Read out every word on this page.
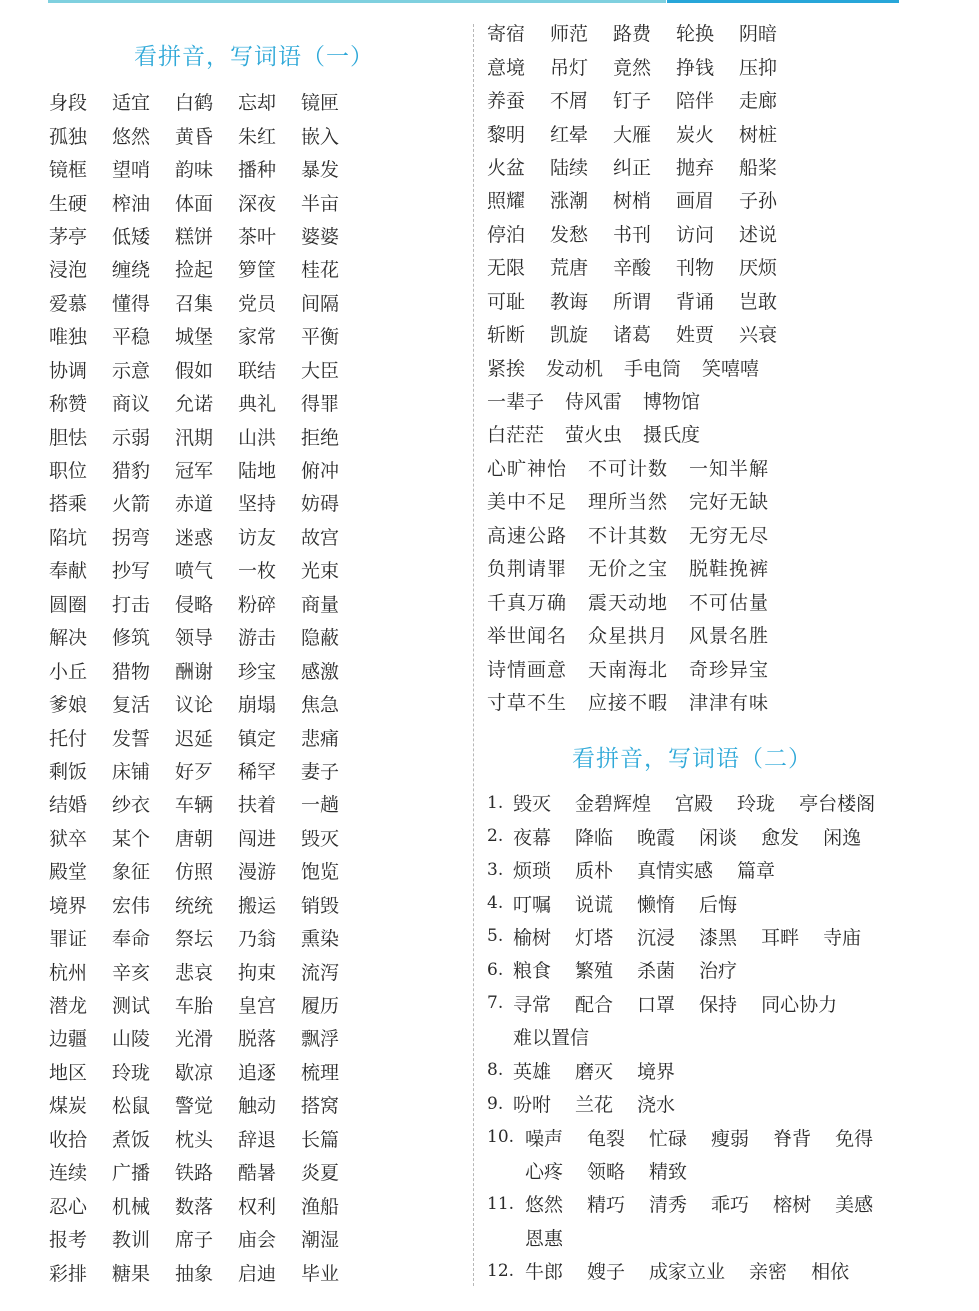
看拼音，写词语（一）
身段	适宜	白鹤	忘却	镜匣
孤独	悠然	黄昏	朱红	嵌入
镜框	望哨	韵味	播种	暴发
生硬	榨油	体面	深夜	半亩
茅亭	低矮	糕饼	茶叶	婆婆
浸泡	缠绕	捡起	箩筐	桂花
爱慕	懂得	召集	党员	间隔
唯独	平稳	城堡	家常	平衡
协调	示意	假如	联结	大臣
称赞	商议	允诺	典礼	得罪
胆怯	示弱	汛期	山洪	拒绝
职位	猎豹	冠军	陆地	俯冲
搭乘	火箭	赤道	坚持	妨碍
陷坑	拐弯	迷惑	访友	故宫
奉献	抄写	喷气	一枚	光束
圆圈	打击	侵略	粉碎	商量
解决	修筑	领导	游击	隐蔽
小丘	猎物	酬谢	珍宝	感激
爹娘	复活	议论	崩塌	焦急
托付	发誓	迟延	镇定	悲痛
剩饭	床铺	好歹	稀罕	妻子
结婚	纱衣	车辆	扶着	一趟
狱卒	某个	唐朝	闯进	毁灭
殿堂	象征	仿照	漫游	饱览
境界	宏伟	统统	搬运	销毁
罪证	奉命	祭坛	乃翁	熏染
杭州	辛亥	悲哀	拘束	流泻
潜龙	测试	车胎	皇宫	履历
边疆	山陵	光滑	脱落	飘浮
地区	玲珑	歇凉	追逐	梳理
煤炭	松鼠	警觉	触动	搭窝
收拾	煮饭	枕头	辞退	长篇
连续	广播	铁路	酷暑	炎夏
忍心	机械	数落	权利	渔船
报考	教训	席子	庙会	潮湿
彩排	糖果	抽象	启迪	毕业
寄宿	师范	路费	轮换	阴暗
意境	吊灯	竟然	挣钱	压抑
养蚕	不屑	钉子	陪伴	走廊
黎明	红晕	大雁	炭火	树桩
火盆	陆续	纠正	抛弃	船桨
照耀	涨潮	树梢	画眉	子孙
停泊	发愁	书刊	访问	述说
无限	荒唐	辛酸	刊物	厌烦
可耻	教诲	所谓	背诵	岂敢
斩断	凯旋	诸葛	姓贾	兴衰
紧挨 发动机 手电筒 笑嘻嘻
一辈子 侍风雷 博物馆
白茫茫 萤火虫 摄氏度
心旷神怡 不可计数 一知半解
美中不足 理所当然 完好无缺
高速公路 不计其数 无穷无尽
负荆请罪 无价之宝 脱鞋挽裤
千真万确 震天动地 不可估量
举世闻名 众星拱月 风景名胜
诗情画意 天南海北 奇珍异宝
寸草不生 应接不暇 津津有味
看拼音，写词语（二）
1. 毁灭 金碧辉煌 宫殿 玲珑 亭台楼阁
2. 夜幕 降临 晚霞 闲谈 愈发 闲逸
3. 烦琐 质朴 真情实感 篇章
4. 叮嘱 说谎 懒惰 后悔
5. 榆树 灯塔 沉浸 漆黑 耳畔 寺庙
6. 粮食 繁殖 杀菌 治疗
7. 寻常 配合 口罩 保持 同心协力
难以置信
8. 英雄 磨灭 境界
9. 吩咐 兰花 浇水
10. 噪声 龟裂 忙碌 瘦弱 脊背 免得
心疼 领略 精致
11. 悠然 精巧 清秀 乖巧 榕树 美感
恩惠
12. 牛郎 嫂子 成家立业 亲密 相依
